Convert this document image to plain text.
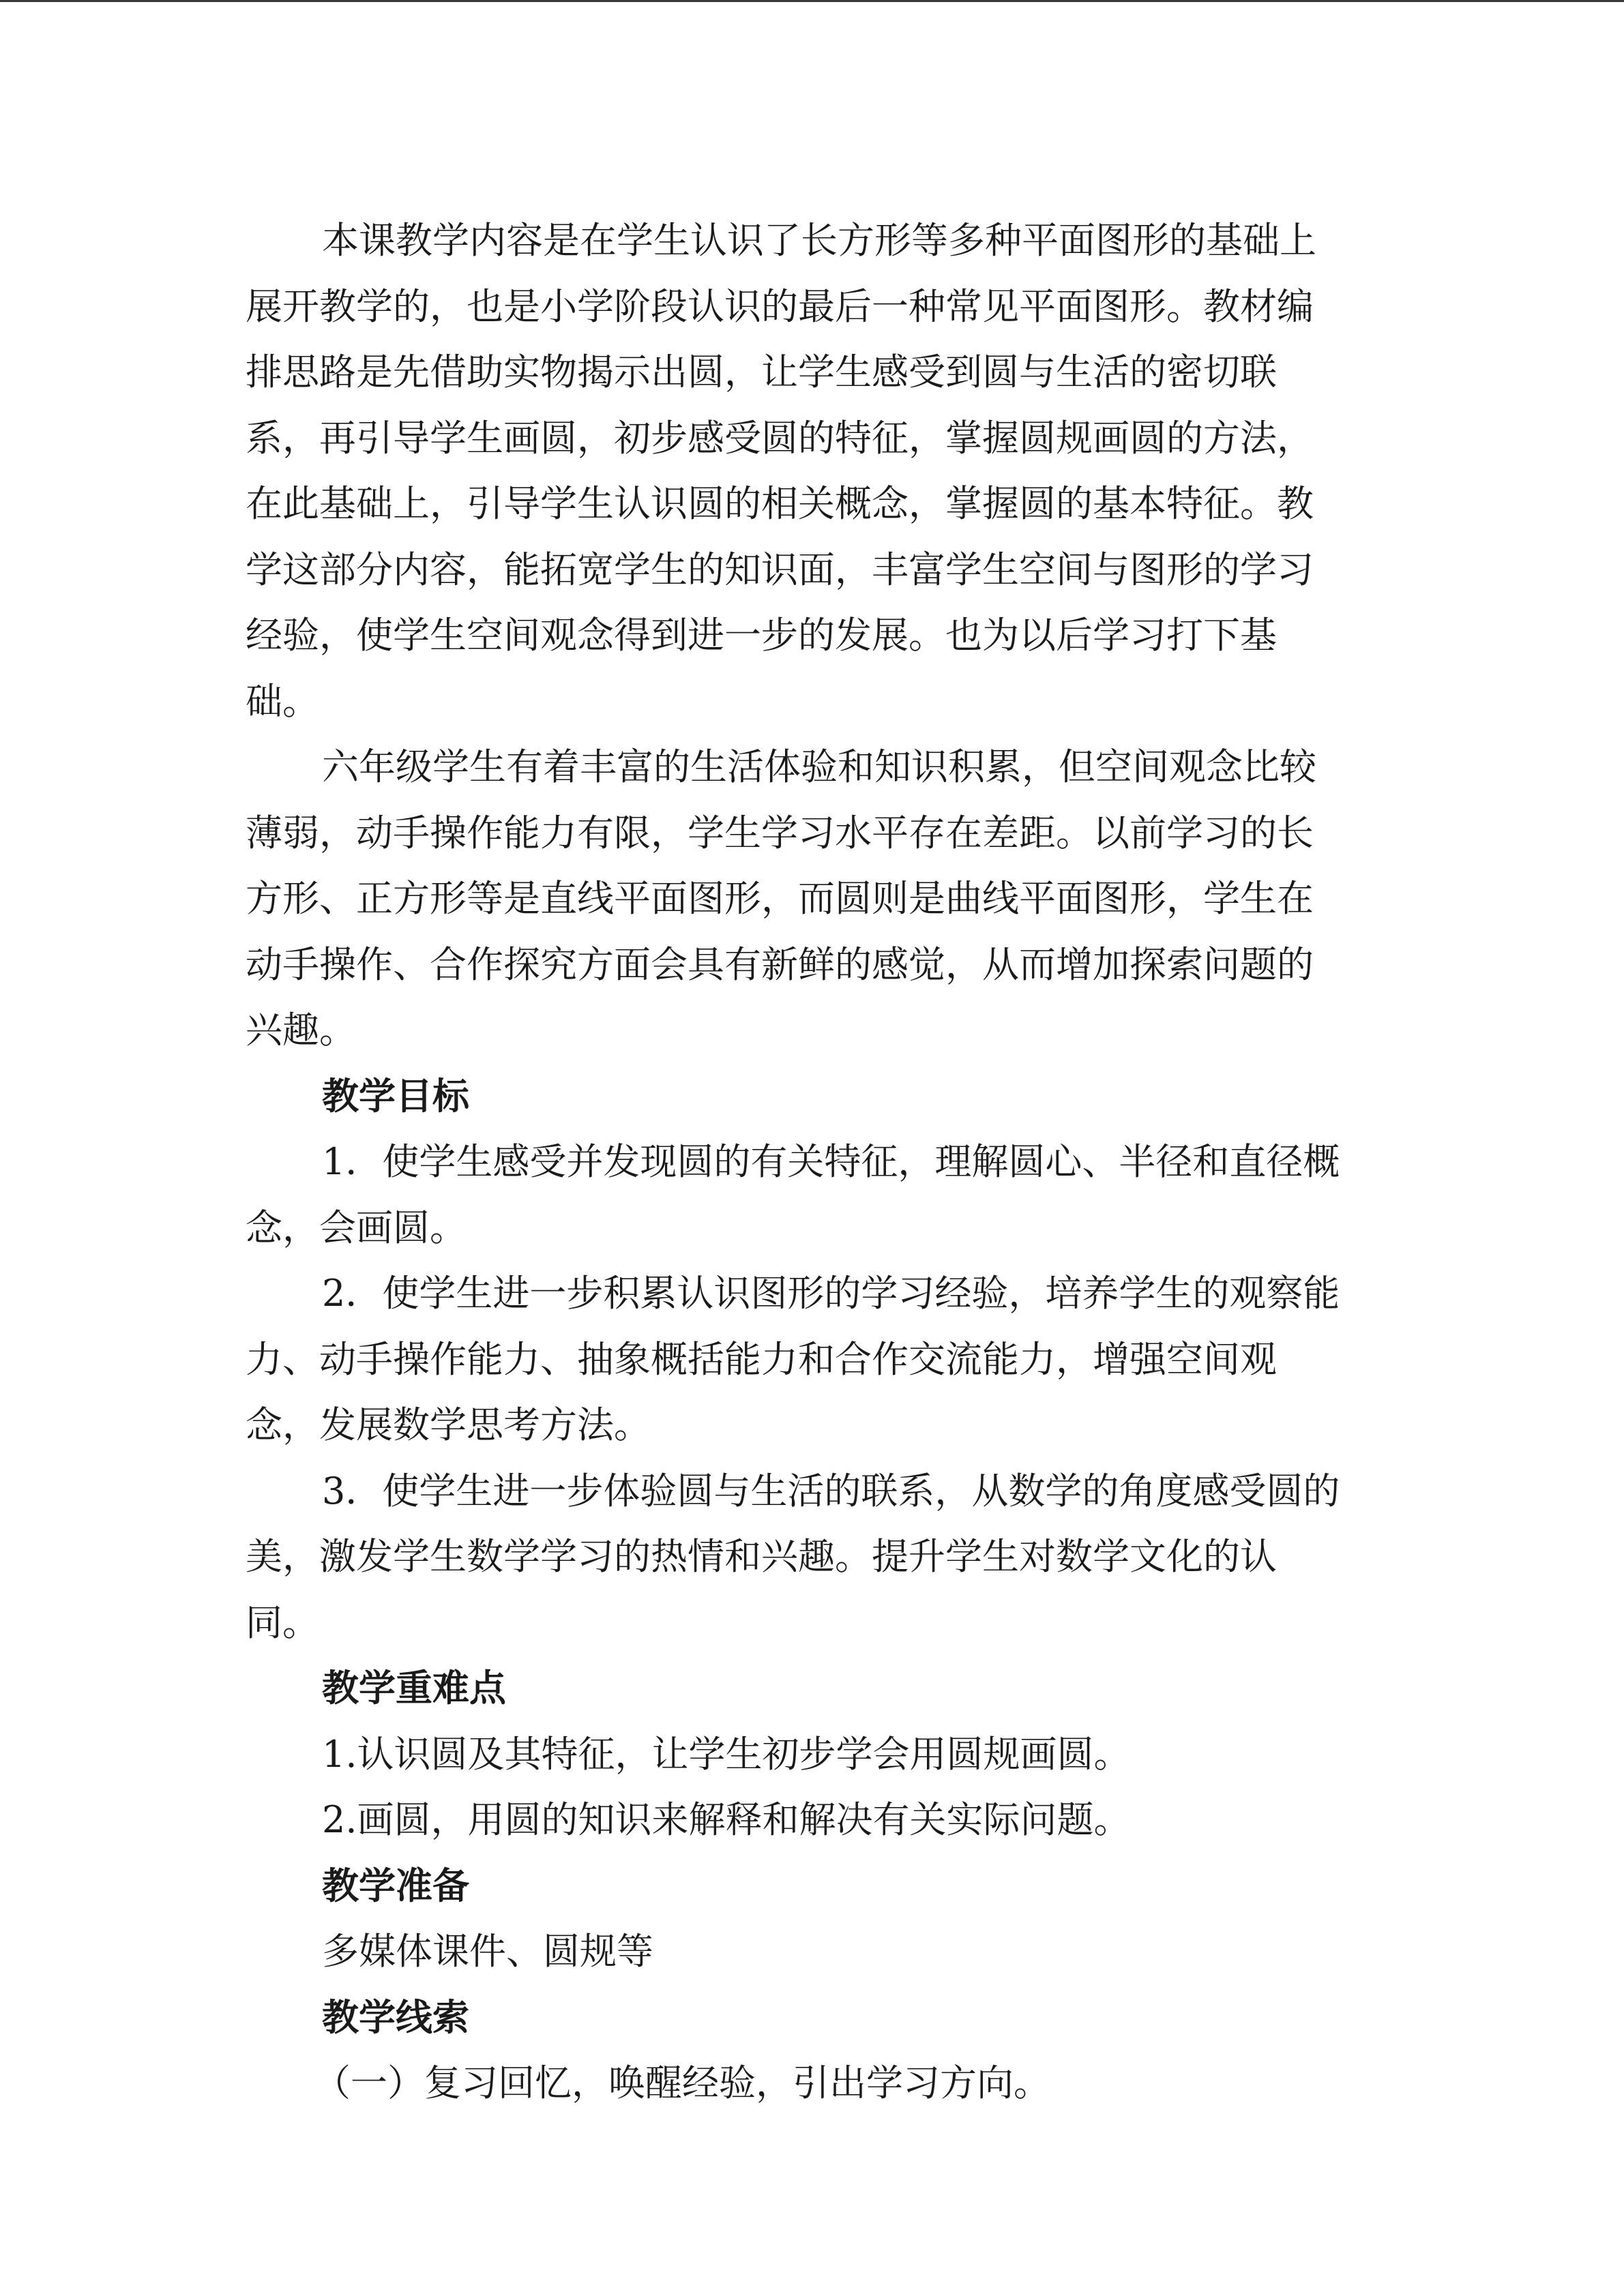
本课教学内容是在学生认识了长方形等多种平面图形的基础上

展开教学的，也是小学阶段认识的最后一种常见平面图形。教材编

排思路是先借助实物揭示出圆，让学生感受到圆与生活的密切联

系，再引导学生画圆，初步感受圆的特征，掌握圆规画圆的方法，

在此基础上，引导学生认识圆的相关概念，掌握圆的基本特征。教

学这部分内容，能拓宽学生的知识面，丰富学生空间与图形的学习

经验，使学生空间观念得到进一步的发展。也为以后学习打下基

础。

六年级学生有着丰富的生活体验和知识积累，但空间观念比较

薄弱，动手操作能力有限，学生学习水平存在差距。以前学习的长

方形、正方形等是直线平面图形，而圆则是曲线平面图形，学生在

动手操作、合作探究方面会具有新鲜的感觉，从而增加探索问题的

兴趣。

教学目标

1．使学生感受并发现圆的有关特征，理解圆心、半径和直径概

念，会画圆。

2．使学生进一步积累认识图形的学习经验，培养学生的观察能

力、动手操作能力、抽象概括能力和合作交流能力，增强空间观

念，发展数学思考方法。

3．使学生进一步体验圆与生活的联系，从数学的角度感受圆的

美，激发学生数学学习的热情和兴趣。提升学生对数学文化的认

同。

教学重难点

1.认识圆及其特征，让学生初步学会用圆规画圆。

2.画圆，用圆的知识来解释和解决有关实际问题。

教学准备

多媒体课件、圆规等

教学线索

（一）复习回忆，唤醒经验，引出学习方向。
